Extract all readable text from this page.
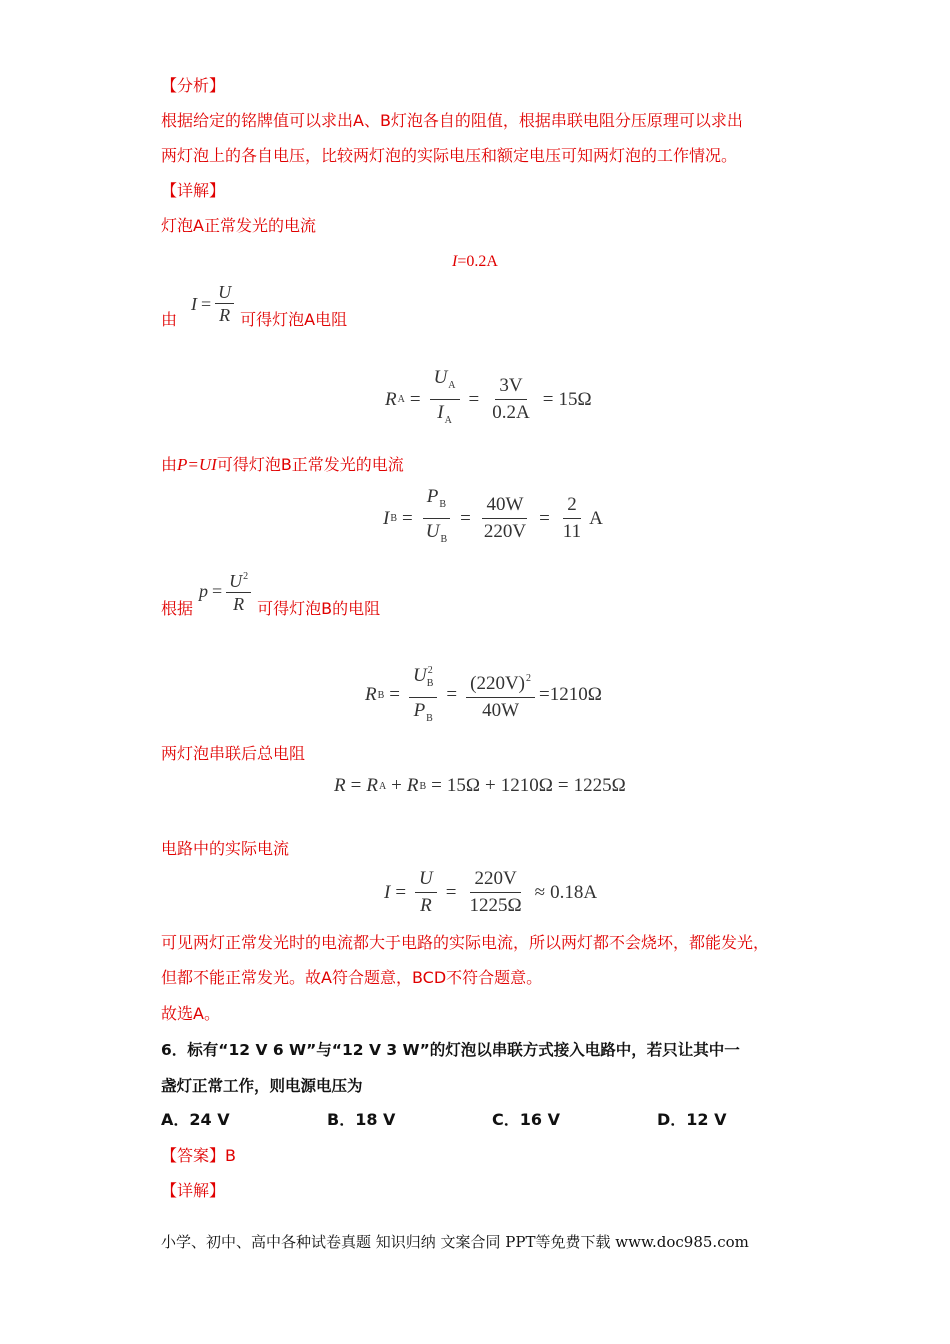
【分析】
根据给定的铭牌值可以求出A、B灯泡各自的阻值，根据串联电阻分压原理可以求出
两灯泡上的各自电压，比较两灯泡的实际电压和额定电压可知两灯泡的工作情况。
【详解】
灯泡A正常发光的电流
I=0.2A
由
$I = \frac{U}{R}$ 可得灯泡A电阻
R $A = \frac{U_A}{I_A} = \frac{3V}{0.2A} = 15\Omega$
由P=UI可得灯泡B正常发光的电流
I $B = \frac{P_B}{U_B} = \frac{40W}{220V} = \frac{2}{11}$ A
根据
$p = \frac{U^2}{R}$ 可得灯泡B的电阻
R $B = \frac{U^2_B}{P_B} = \frac{(220V)^2}{40W} =1210\Omega$
两灯泡串联后总电阻
R = R A + R B = 15Ω + 1210Ω = 1225Ω
电路中的实际电流
$I = \frac{U}{R} = \frac{220V}{1225\Omega} \approx 0.18A$
可见两灯正常发光时的电流都大于电路的实际电流，所以两灯都不会烧坏，都能发光，
但都不能正常发光。故A符合题意，BCD不符合题意。
故选A。
6．标有“12 V 6 W”与“12 V 3 W”的灯泡以串联方式接入电路中，若只让其中一
盏灯正常工作，则电源电压为
A．24 V	B．18 V	C．16 V	D．12 V
【答案】B
【详解】
小学、初中、高中各种试卷真题 知识归纳 文案合同 PPT等免费下载 www.doc985.com
